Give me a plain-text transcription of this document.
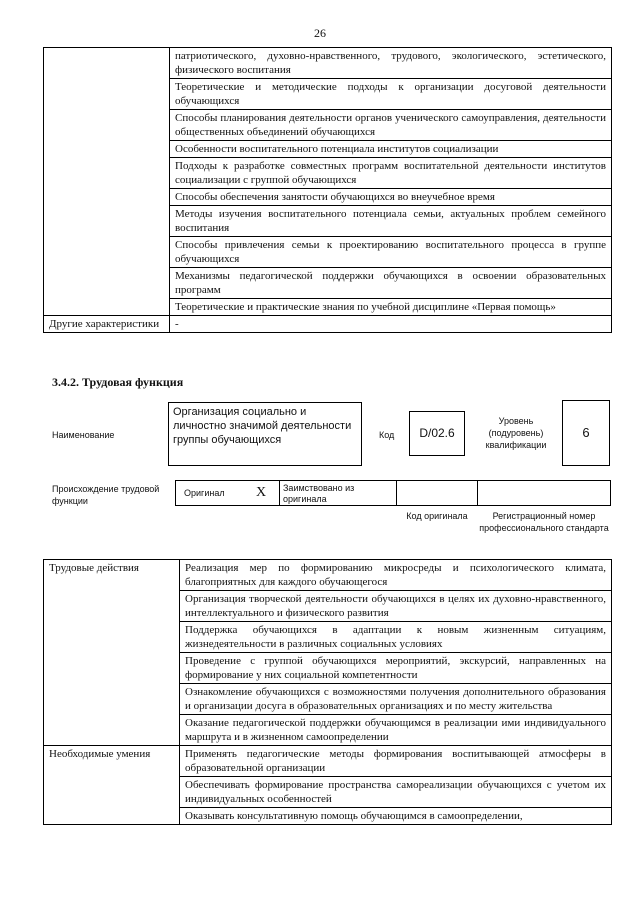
26
	патриотического, духовно-нравственного, трудового, экологического, эстетического, физического воспитания
	Теоретические и методические подходы к организации досуговой деятельности обучающихся
	Способы планирования деятельности органов ученического самоуправления, деятельности общественных объединений обучающихся
	Особенности воспитательного потенциала институтов социализации
	Подходы к разработке совместных программ воспитательной деятельности институтов социализации с группой обучающихся
	Способы обеспечения занятости обучающихся во внеучебное время
	Методы изучения воспитательного потенциала семьи, актуальных проблем семейного воспитания
	Способы привлечения семьи к проектированию воспитательного процесса в группе обучающихся
	Механизмы педагогической поддержки обучающихся в освоении образовательных программ
	Теоретические и практические знания по учебной дисциплине «Первая помощь»
Другие характеристики	-
3.4.2. Трудовая функция
Наименование
Организация социально и личностно значимой деятельности группы обучающихся	Код	D/02.6
Уровень (подуровень) квалификации
6
Происхождение трудовой функции
Оригинал X	Заимствовано из оригинала
Код оригинала	Регистрационный номер профессионального стандарта
Трудовые действия	Реализация мер по формированию микросреды и психологического климата, благоприятных для каждого обучающегося
	Организация творческой деятельности обучающихся в целях их духовно-нравственного, интеллектуального и физического развития
	Поддержка обучающихся в адаптации к новым жизненным ситуациям, жизнедеятельности в различных социальных условиях
	Проведение с группой обучающихся мероприятий, экскурсий, направленных на формирование у них социальной компетентности
	Ознакомление обучающихся с возможностями получения дополнительного образования и организации досуга в образовательных организациях и по месту жительства
	Оказание педагогической поддержки обучающимся в реализации ими индивидуального маршрута и в жизненном самоопределении
Необходимые умения	Применять педагогические методы формирования воспитывающей атмосферы в образовательной организации
	Обеспечивать формирование пространства самореализации обучающихся с учетом их индивидуальных особенностей
	Оказывать консультативную помощь обучающимся в самоопределении,
